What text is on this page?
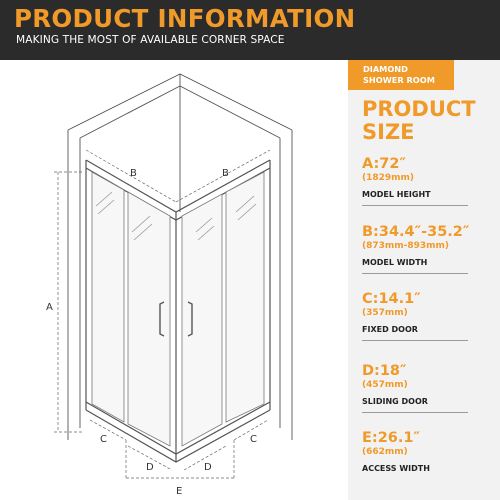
PRODUCT INFORMATION
MAKING THE MOST OF AVAILABLE CORNER SPACE
DIAMOND
SHOWER ROOM
PRODUCT
SIZE
A:72″
(1829mm)
MODEL HEIGHT
B:34.4″-35.2″
(873mm-893mm)
MODEL WIDTH
C:14.1″
(357mm)
FIXED DOOR
D:18″
(457mm)
SLIDING DOOR
E:26.1″
(662mm)
ACCESS WIDTH
A
B	B
C	C
D	D
E
